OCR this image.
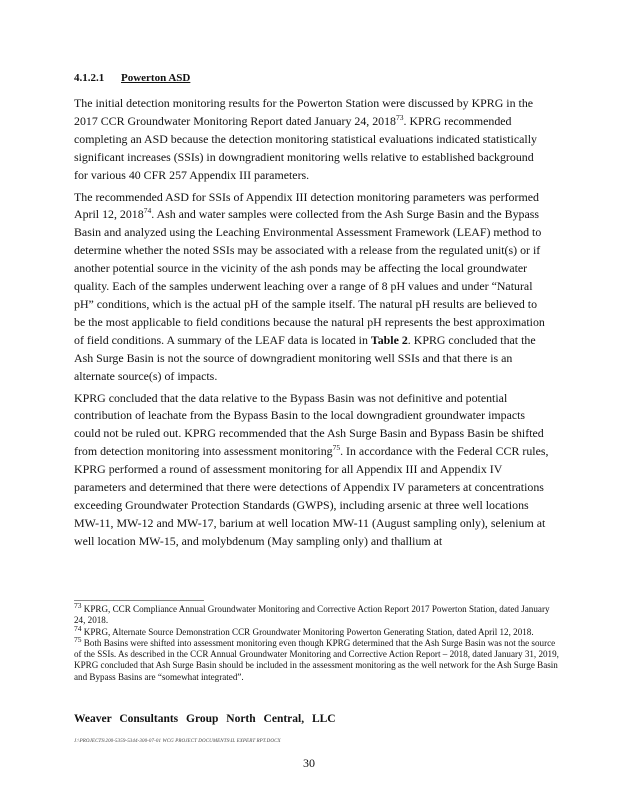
4.1.2.1 Powerton ASD

The initial detection monitoring results for the Powerton Station were discussed by KPRG in the 2017 CCR Groundwater Monitoring Report dated January 24, 2018$^{73}$. KPRG recommended completing an ASD because the detection monitoring statistical evaluations indicated statistically significant increases (SSIs) in downgradient monitoring wells relative to established background for various 40 CFR 257 Appendix III parameters.

The recommended ASD for SSIs of Appendix III detection monitoring parameters was performed April 12, 2018$^{74}$. Ash and water samples were collected from the Ash Surge Basin and the Bypass Basin and analyzed using the Leaching Environmental Assessment Framework (LEAF) method to determine whether the noted SSIs may be associated with a release from the regulated unit(s) or if another potential source in the vicinity of the ash ponds may be affecting the local groundwater quality. Each of the samples underwent leaching over a range of 8 pH values and under “Natural pH” conditions, which is the actual pH of the sample itself. The natural pH results are believed to be the most applicable to field conditions because the natural pH represents the best approximation of field conditions. A summary of the LEAF data is located in Table 2. KPRG concluded that the Ash Surge Basin is not the source of downgradient monitoring well SSIs and that there is an alternate source(s) of impacts.

KPRG concluded that the data relative to the Bypass Basin was not definitive and potential contribution of leachate from the Bypass Basin to the local downgradient groundwater impacts could not be ruled out. KPRG recommended that the Ash Surge Basin and Bypass Basin be shifted from detection monitoring into assessment monitoring$^{75}$. In accordance with the Federal CCR rules, KPRG performed a round of assessment monitoring for all Appendix III and Appendix IV parameters and determined that there were detections of Appendix IV parameters at concentrations exceeding Groundwater Protection Standards (GWPS), including arsenic at three well locations MW-11, MW-12 and MW-17, barium at well location MW-11 (August sampling only), selenium at well location MW-15, and molybdenum (May sampling only) and thallium at

$^{73}$ KPRG, CCR Compliance Annual Groundwater Monitoring and Corrective Action Report 2017 Powerton Station, dated January 24, 2018.

$^{74}$ KPRG, Alternate Source Demonstration CCR Groundwater Monitoring Powerton Generating Station, dated April 12, 2018.

$^{75}$ Both Basins were shifted into assessment monitoring even though KPRG determined that the Ash Surge Basin was not the source of the SSIs. As described in the CCR Annual Groundwater Monitoring and Corrective Action Report – 2018, dated January 31, 2019, KPRG concluded that Ash Surge Basin should be included in the assessment monitoring as the well network for the Ash Surge Basin and Bypass Basins are “somewhat integrated”.

Weaver Consultants Group North Central, LLC
J:\PROJECTS\200-5359-5344-300-07-01 WCG PROJECT DOCUMENTS\IL EXPERT RPT.DOCX
30
